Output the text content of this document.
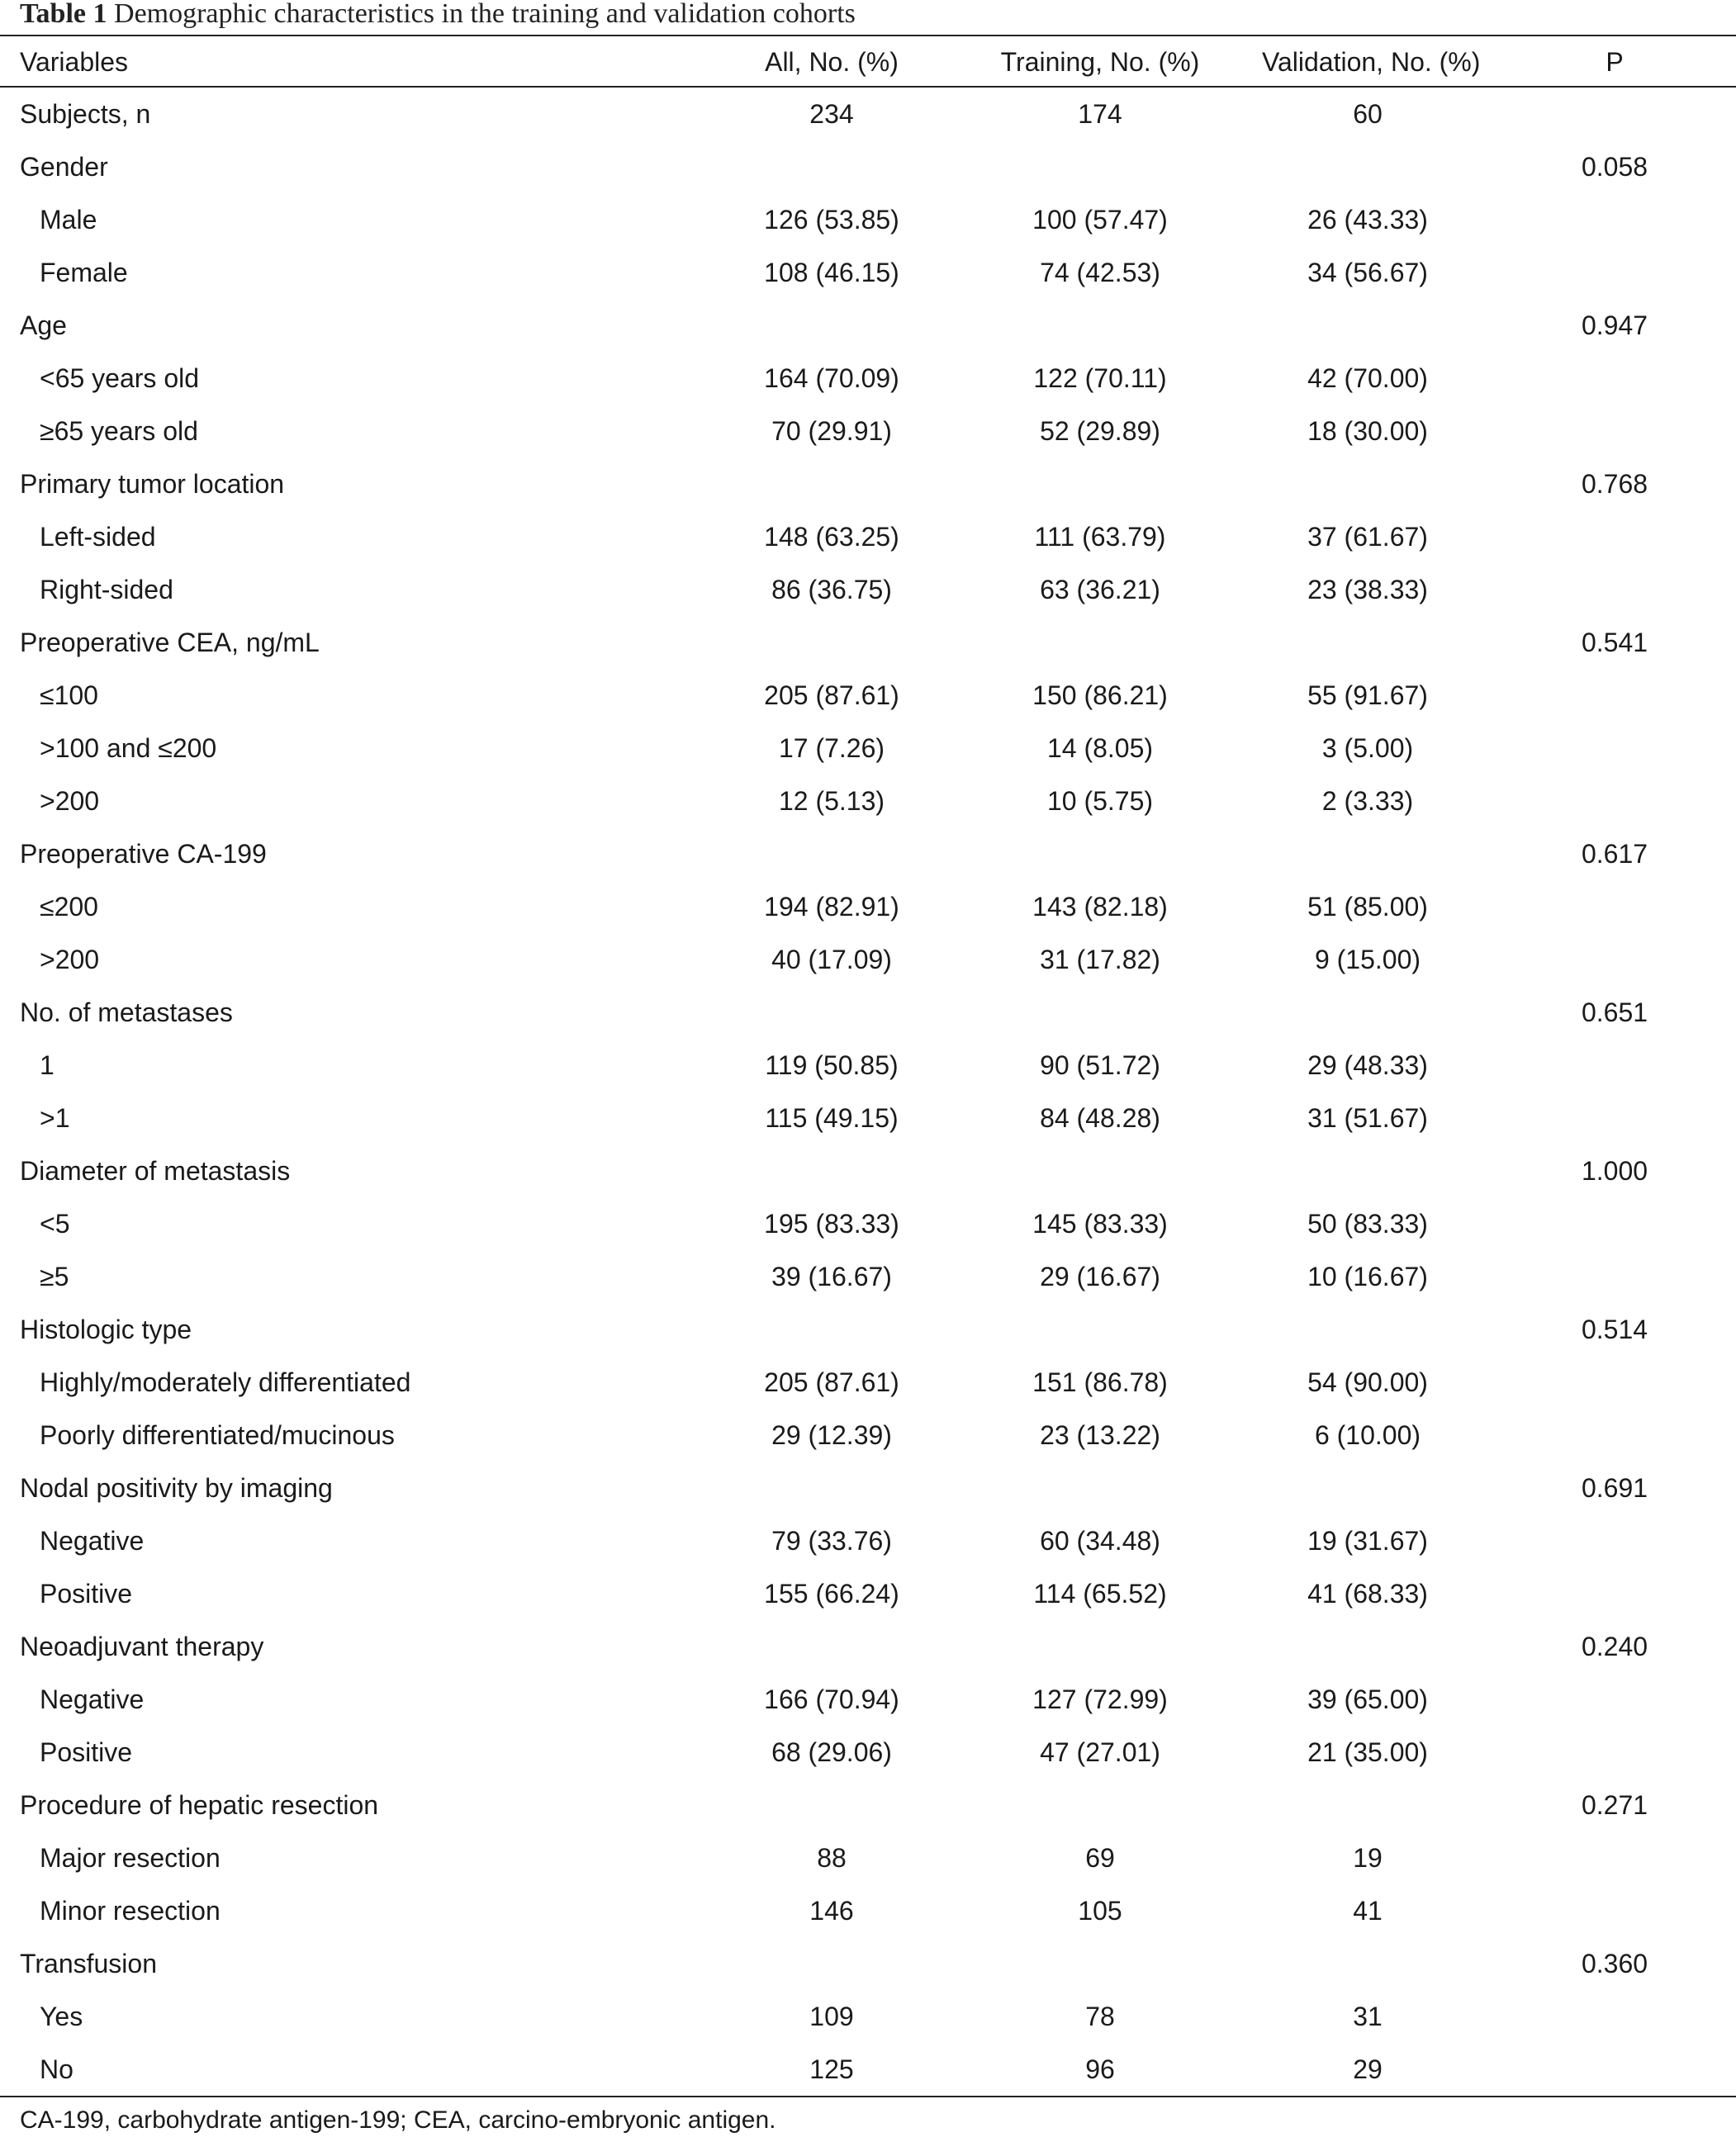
Table 1 Demographic characteristics in the training and validation cohorts
Variables	All, No. (%)	Training, No. (%)	Validation, No. (%)	P
Subjects, n	234	174	60	
Gender				0.058
Male	126 (53.85)	100 (57.47)	26 (43.33)	
Female	108 (46.15)	74 (42.53)	34 (56.67)	
Age				0.947
<65 years old	164 (70.09)	122 (70.11)	42 (70.00)	
≥65 years old	70 (29.91)	52 (29.89)	18 (30.00)	
Primary tumor location				0.768
Left-sided	148 (63.25)	111 (63.79)	37 (61.67)	
Right-sided	86 (36.75)	63 (36.21)	23 (38.33)	
Preoperative CEA, ng/mL				0.541
≤100	205 (87.61)	150 (86.21)	55 (91.67)	
>100 and ≤200	17 (7.26)	14 (8.05)	3 (5.00)	
>200	12 (5.13)	10 (5.75)	2 (3.33)	
Preoperative CA-199				0.617
≤200	194 (82.91)	143 (82.18)	51 (85.00)	
>200	40 (17.09)	31 (17.82)	9 (15.00)	
No. of metastases				0.651
1	119 (50.85)	90 (51.72)	29 (48.33)	
>1	115 (49.15)	84 (48.28)	31 (51.67)	
Diameter of metastasis				1.000
<5	195 (83.33)	145 (83.33)	50 (83.33)	
≥5	39 (16.67)	29 (16.67)	10 (16.67)	
Histologic type				0.514
Highly/moderately differentiated	205 (87.61)	151 (86.78)	54 (90.00)	
Poorly differentiated/mucinous	29 (12.39)	23 (13.22)	6 (10.00)	
Nodal positivity by imaging				0.691
Negative	79 (33.76)	60 (34.48)	19 (31.67)	
Positive	155 (66.24)	114 (65.52)	41 (68.33)	
Neoadjuvant therapy				0.240
Negative	166 (70.94)	127 (72.99)	39 (65.00)	
Positive	68 (29.06)	47 (27.01)	21 (35.00)	
Procedure of hepatic resection				0.271
Major resection	88	69	19	
Minor resection	146	105	41	
Transfusion				0.360
Yes	109	78	31	
No	125	96	29	
CA-199, carbohydrate antigen-199; CEA, carcino-embryonic antigen.
